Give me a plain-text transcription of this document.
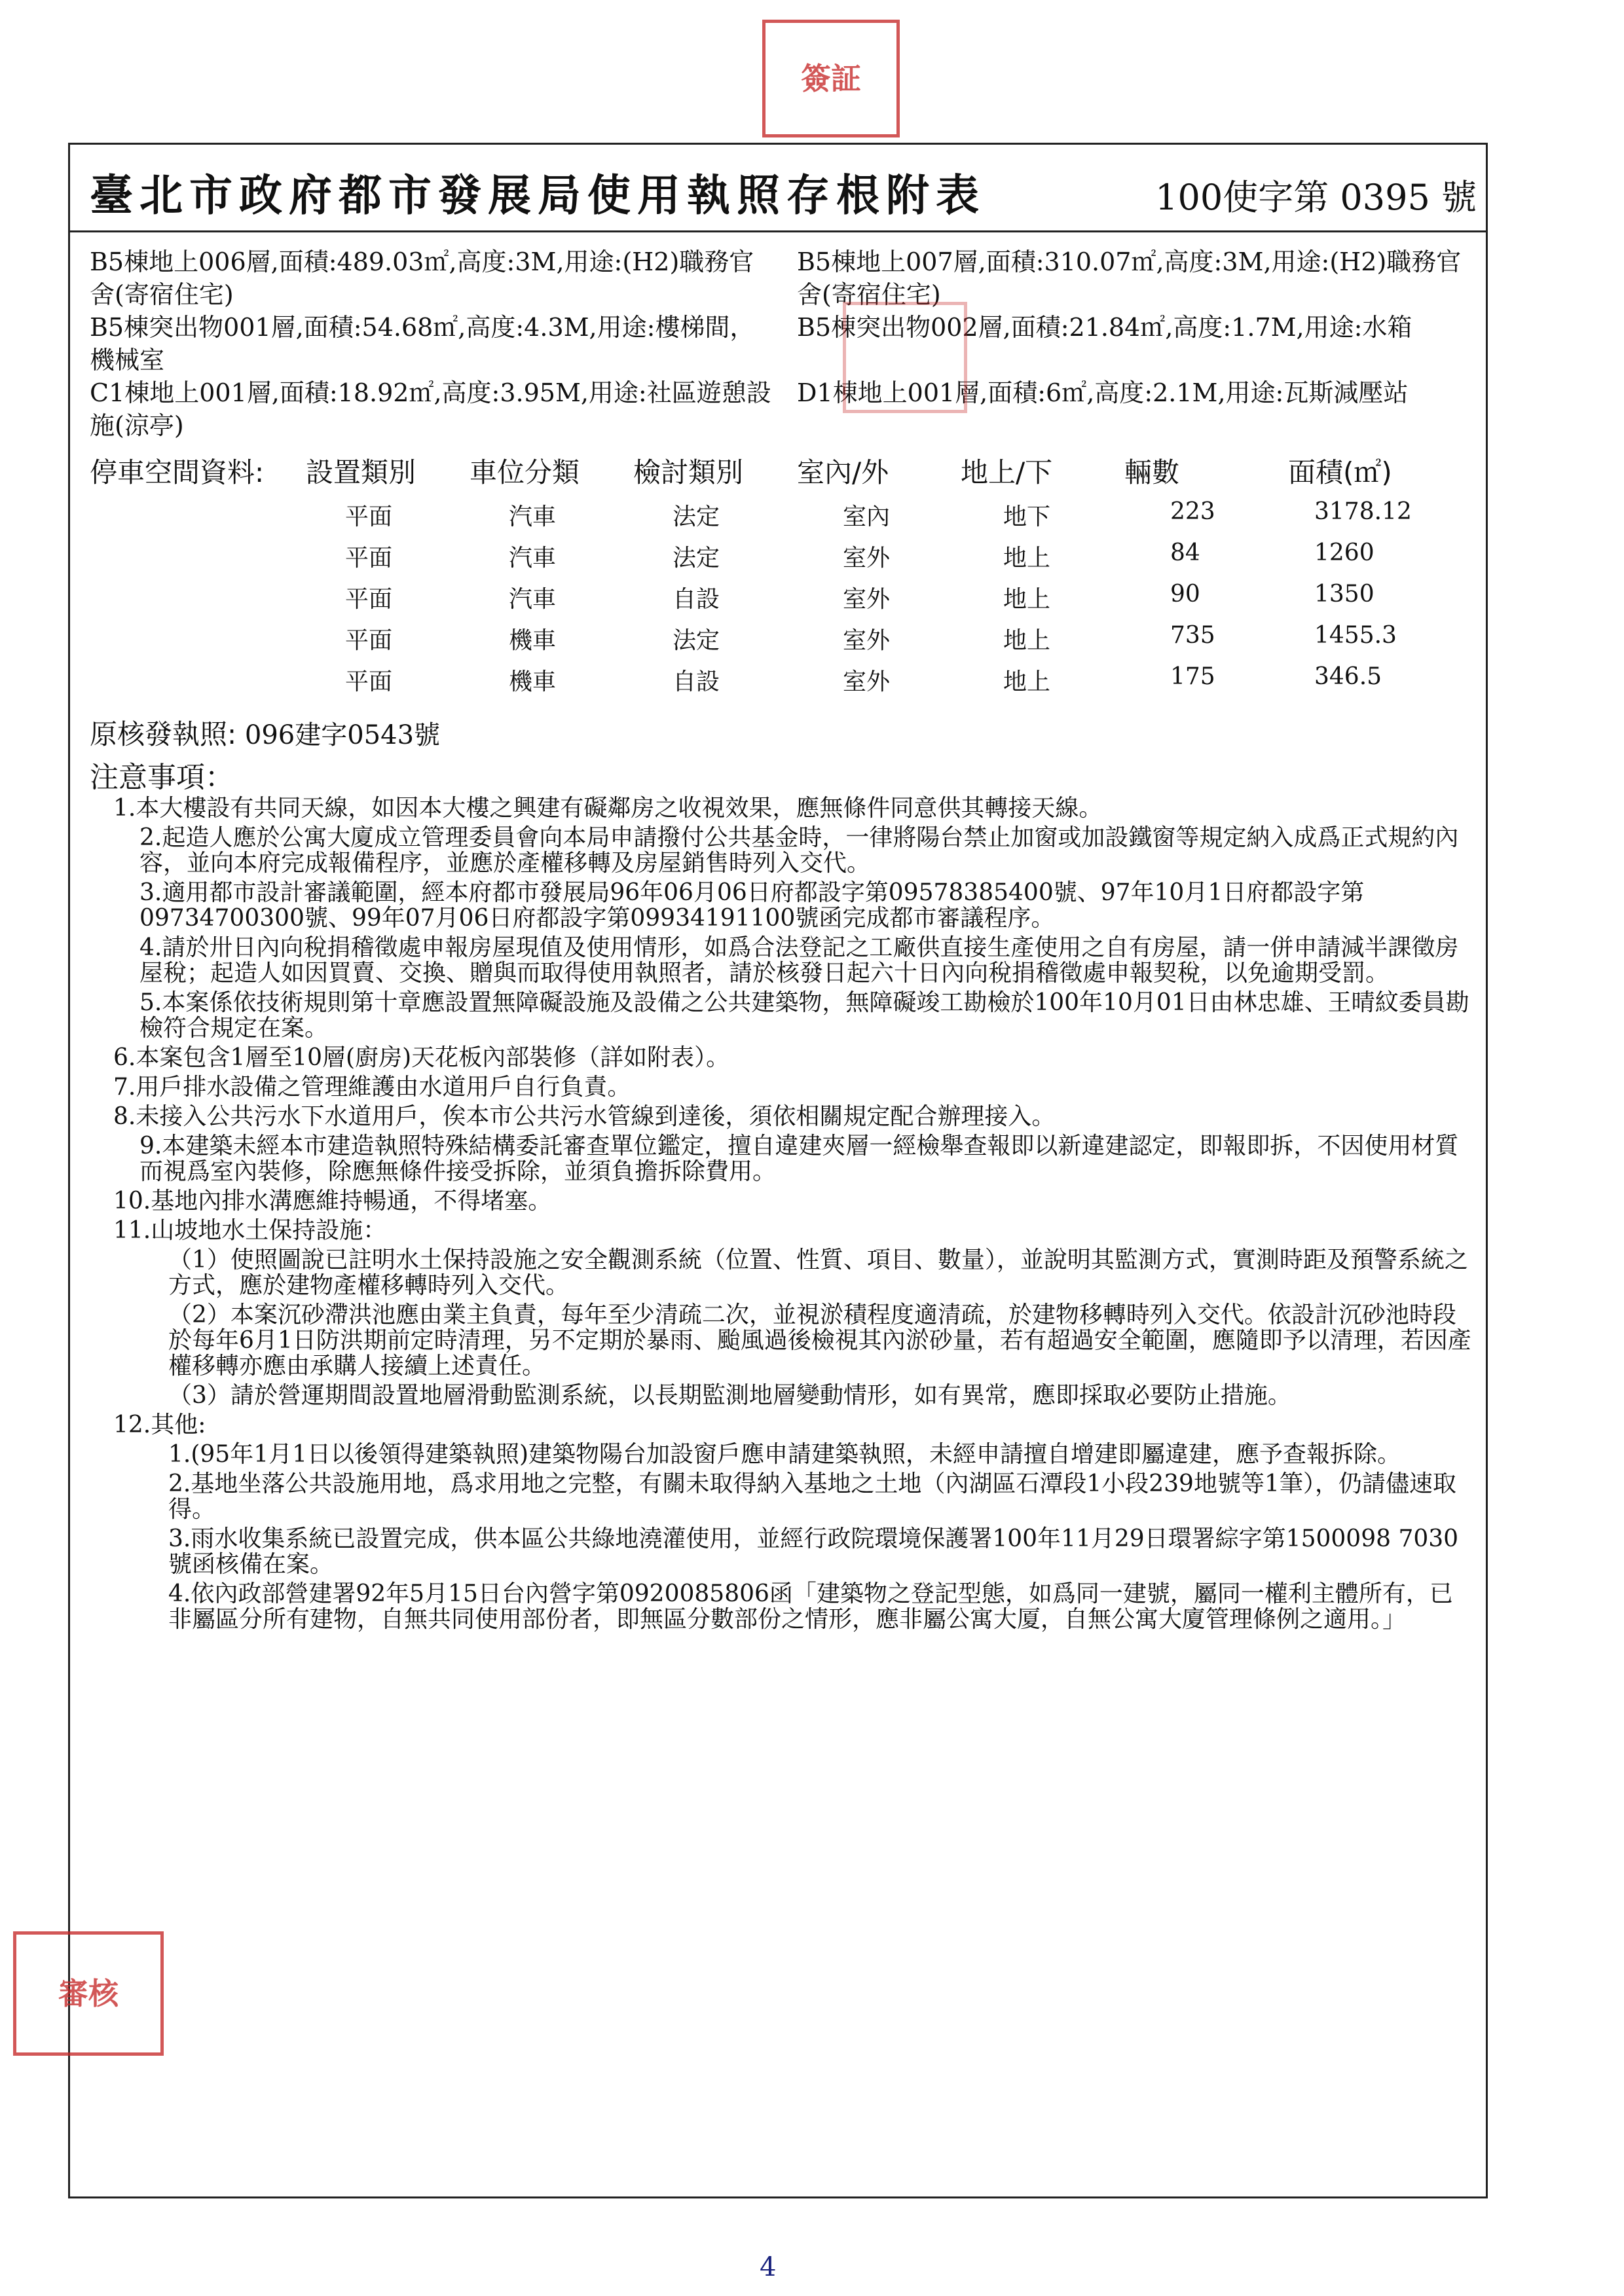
簽証
臺北市政府都市發展局使用執照存根附表	100使字第 0395 號
B5棟地上006層,面積:489.03㎡,高度:3M,用途:(H2)職務官舍(寄宿住宅)
B5棟地上007層,面積:310.07㎡,高度:3M,用途:(H2)職務官舍(寄宿住宅)
B5棟突出物001層,面積:54.68㎡,高度:4.3M,用途:樓梯間，機械室
B5棟突出物002層,面積:21.84㎡,高度:1.7M,用途:水箱
C1棟地上001層,面積:18.92㎡,高度:3.95M,用途:社區遊憩設施(涼亭)
D1棟地上001層,面積:6㎡,高度:2.1M,用途:瓦斯減壓站
停車空間資料: 設置類別 車位分類 檢討類別 室內/外	地上/下	輛數	面積(㎡)
平面	汽車	法定	室內	地下	223	3178.12
平面	汽車	法定	室外	地上	84	1260
平面	汽車	自設	室外	地上	90	1350
平面	機車	法定	室外	地上	735	1455.3
平面	機車	自設	室外	地上	175	346.5
原核發執照: 096建字0543號
注意事項：

1.本大樓設有共同天線，如因本大樓之興建有礙鄰房之收視效果，應無條件同意供其轉接天線。

2.起造人應於公寓大廈成立管理委員會向本局申請撥付公共基金時，一律將陽台禁止加窗或加設鐵窗等規定納入成爲正式規約內容，並向本府完成報備程序，並應於產權移轉及房屋銷售時列入交代。

3.適用都市設計審議範圍，經本府都市發展局96年06月06日府都設字第09578385400號、97年10月1日府都設字第09734700300號、99年07月06日府都設字第09934191100號函完成都市審議程序。

4.請於卅日內向稅捐稽徵處申報房屋現值及使用情形，如爲合法登記之工廠供直接生產使用之自有房屋，請一併申請減半課徵房屋稅；起造人如因買賣、交換、贈與而取得使用執照者，請於核發日起六十日內向稅捐稽徵處申報契稅，以免逾期受罰。

5.本案係依技術規則第十章應設置無障礙設施及設備之公共建築物，無障礙竣工勘檢於100年10月01日由林忠雄、王晴紋委員勘檢符合規定在案。

6.本案包含1層至10層(廚房)天花板內部裝修（詳如附表）。

7.用戶排水設備之管理維護由水道用戶自行負責。

8.未接入公共污水下水道用戶，俟本市公共污水管線到達後，須依相關規定配合辦理接入。

9.本建築未經本市建造執照特殊結構委託審查單位鑑定，擅自違建夾層一經檢舉查報即以新違建認定，即報即拆，不因使用材質而視爲室內裝修，除應無條件接受拆除，並須負擔拆除費用。

10.基地內排水溝應維持暢通，不得堵塞。

11.山坡地水土保持設施：

（1）使照圖說已註明水土保持設施之安全觀測系統（位置、性質、項目、數量），並說明其監測方式，實測時距及預警系統之方式，應於建物產權移轉時列入交代。

（2）本案沉砂滯洪池應由業主負責，每年至少清疏二次，並視淤積程度適清疏，於建物移轉時列入交代。依設計沉砂池時段於每年6月1日防洪期前定時清理，另不定期於暴雨、颱風過後檢視其內淤砂量，若有超過安全範圍，應隨即予以清理，若因產權移轉亦應由承購人接續上述責任。

（3）請於營運期間設置地層滑動監測系統，以長期監測地層變動情形，如有異常，應即採取必要防止措施。

12.其他:

1.(95年1月1日以後領得建築執照)建築物陽台加設窗戶應申請建築執照，未經申請擅自增建即屬違建，應予查報拆除。

2.基地坐落公共設施用地，爲求用地之完整，有關未取得納入基地之土地（內湖區石潭段1小段239地號等1筆），仍請儘速取得。

3.雨水收集系統已設置完成，供本區公共綠地澆灌使用，並經行政院環境保護署100年11月29日環署綜字第1500098 7030號函核備在案。

4.依內政部營建署92年5月15日台內營字第0920085806函「建築物之登記型態，如爲同一建號，屬同一權利主體所有，已非屬區分所有建物，自無共同使用部份者，即無區分數部份之情形，應非屬公寓大厦，自無公寓大廈管理條例之適用。」

審核
4
